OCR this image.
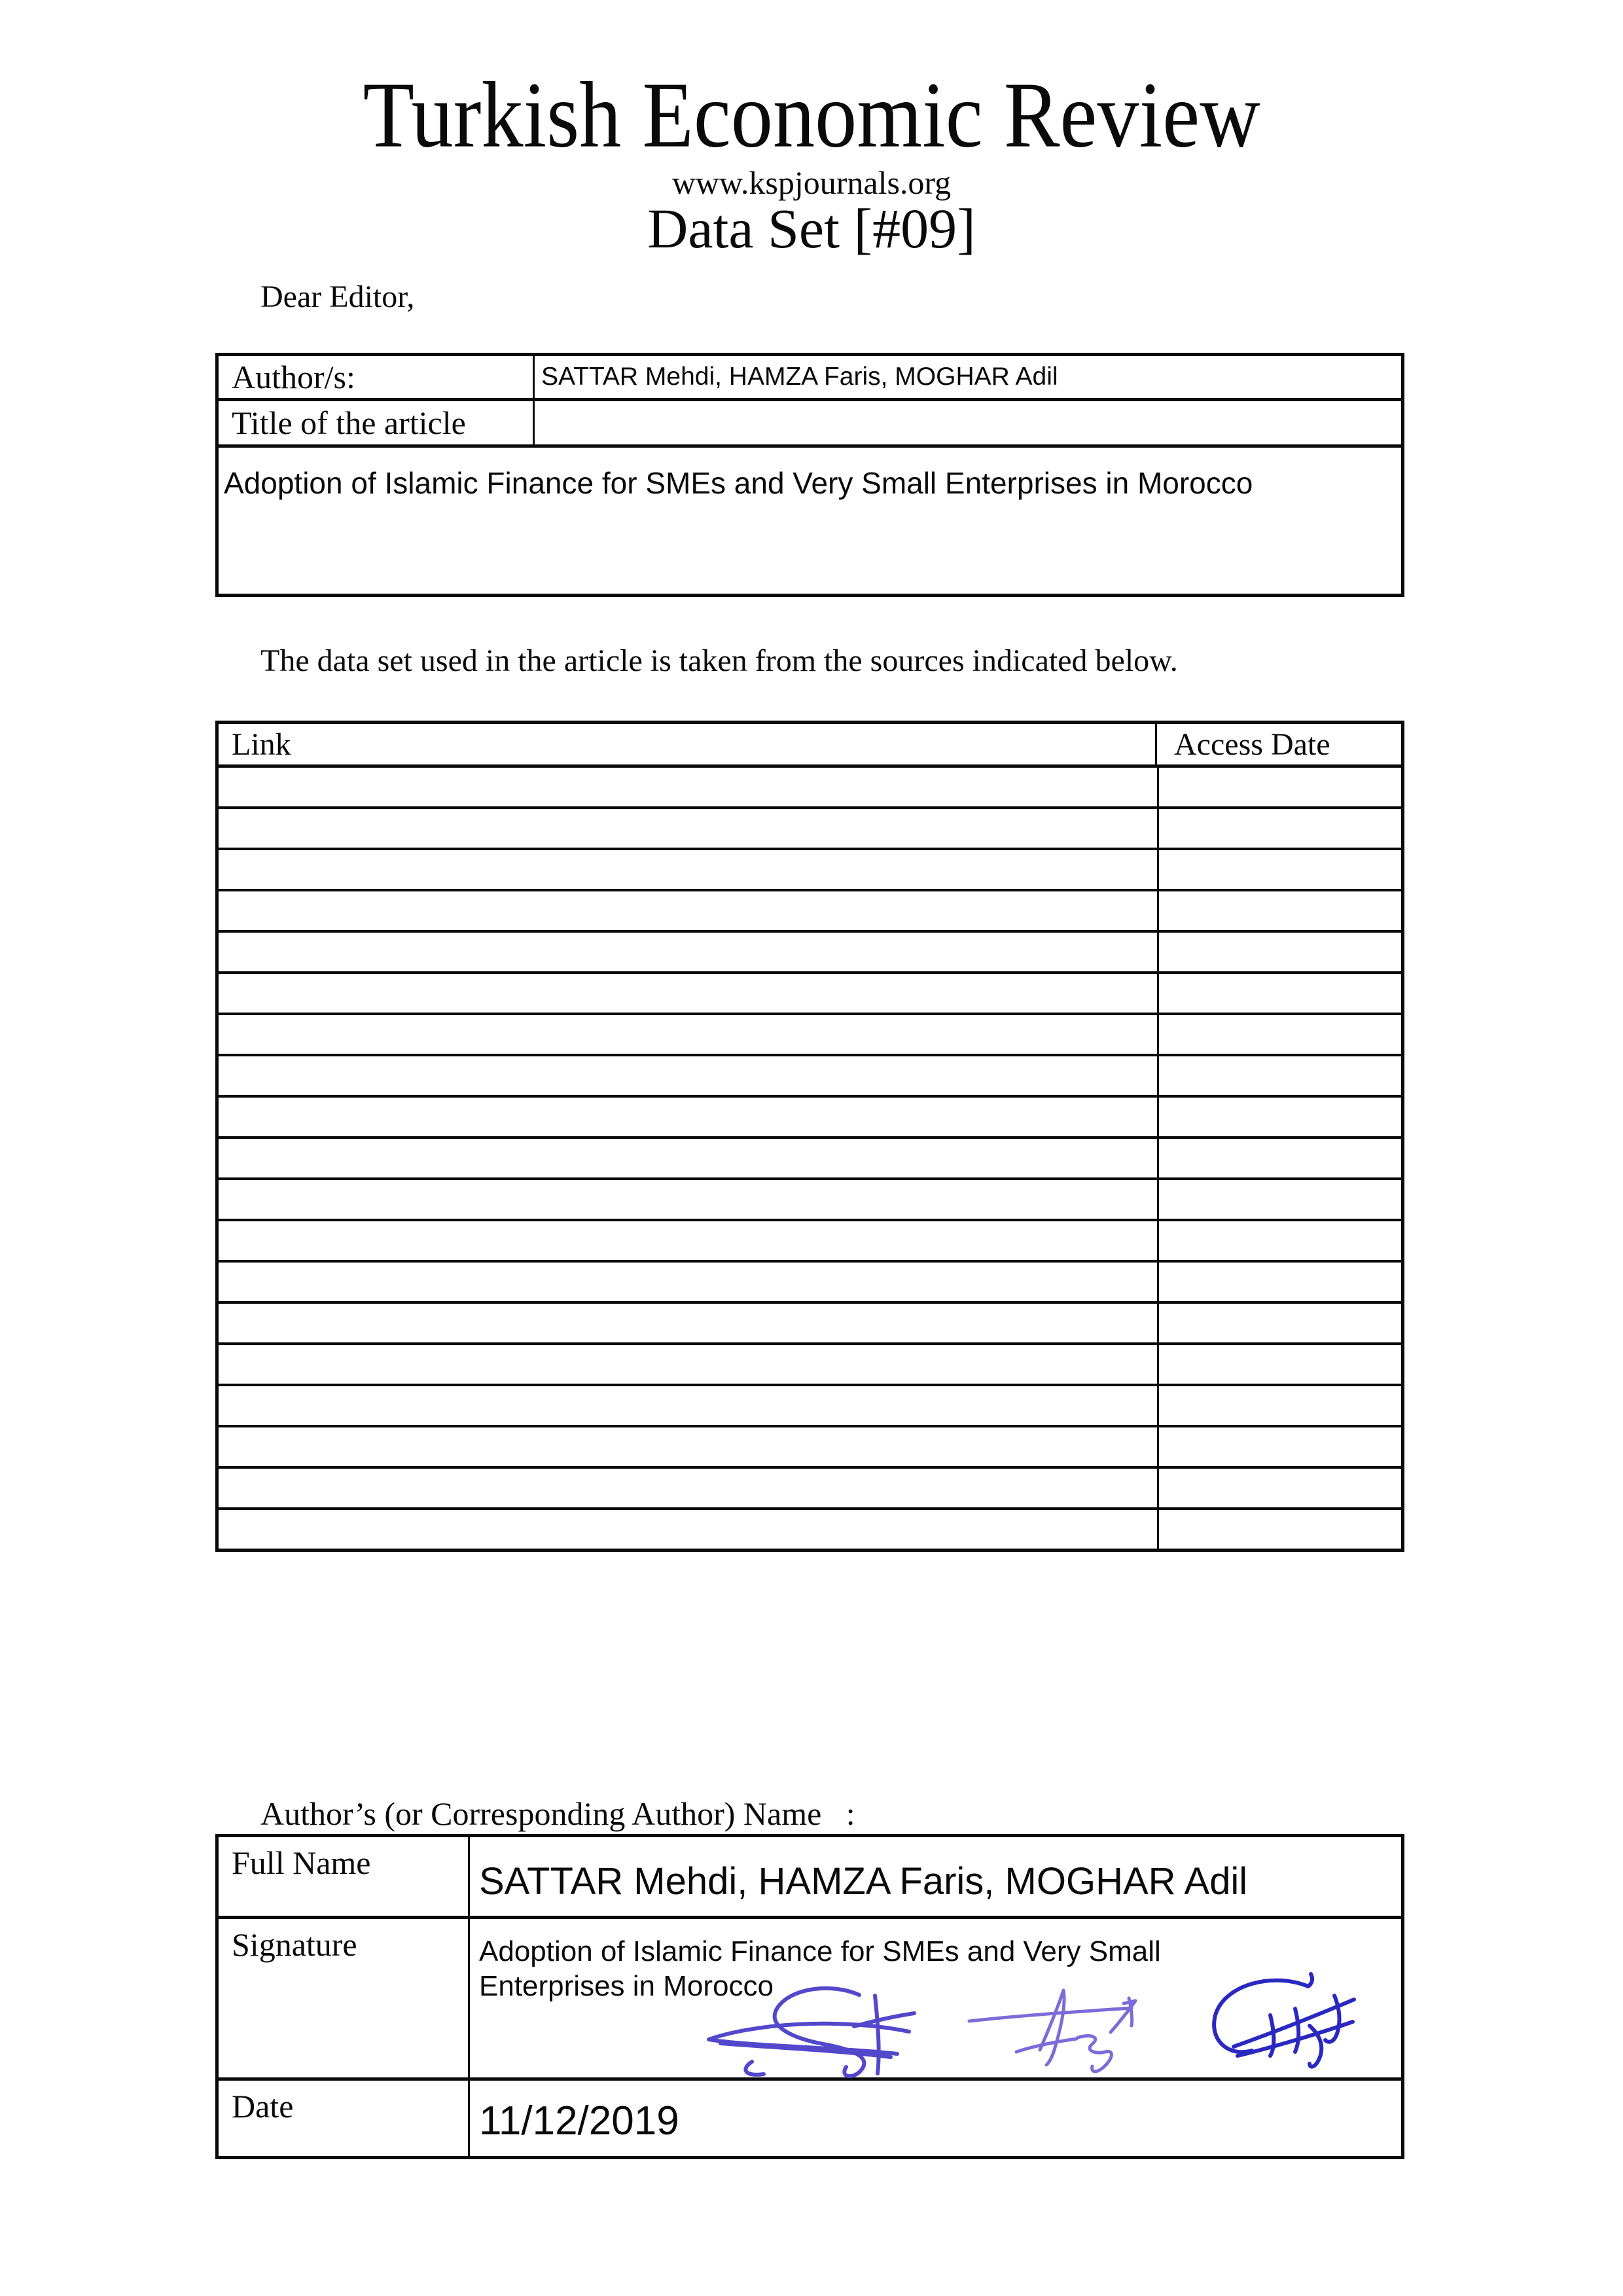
Turkish Economic Review
www.kspjournals.org
Data Set [#09]
Dear Editor,
Author/s:	SATTAR Mehdi, HAMZA Faris, MOGHAR Adil
Title of the article
Adoption of Islamic Finance for SMEs and Very Small Enterprises in Morocco
The data set used in the article is taken from the sources indicated below.
Link	Access Date
Author’s (or Corresponding Author) Name   :
Full Name	SATTAR Mehdi, HAMZA Faris, MOGHAR Adil
Signature	Adoption of Islamic Finance for SMEs and Very Small Enterprises in Morocco
Date	11/12/2019
